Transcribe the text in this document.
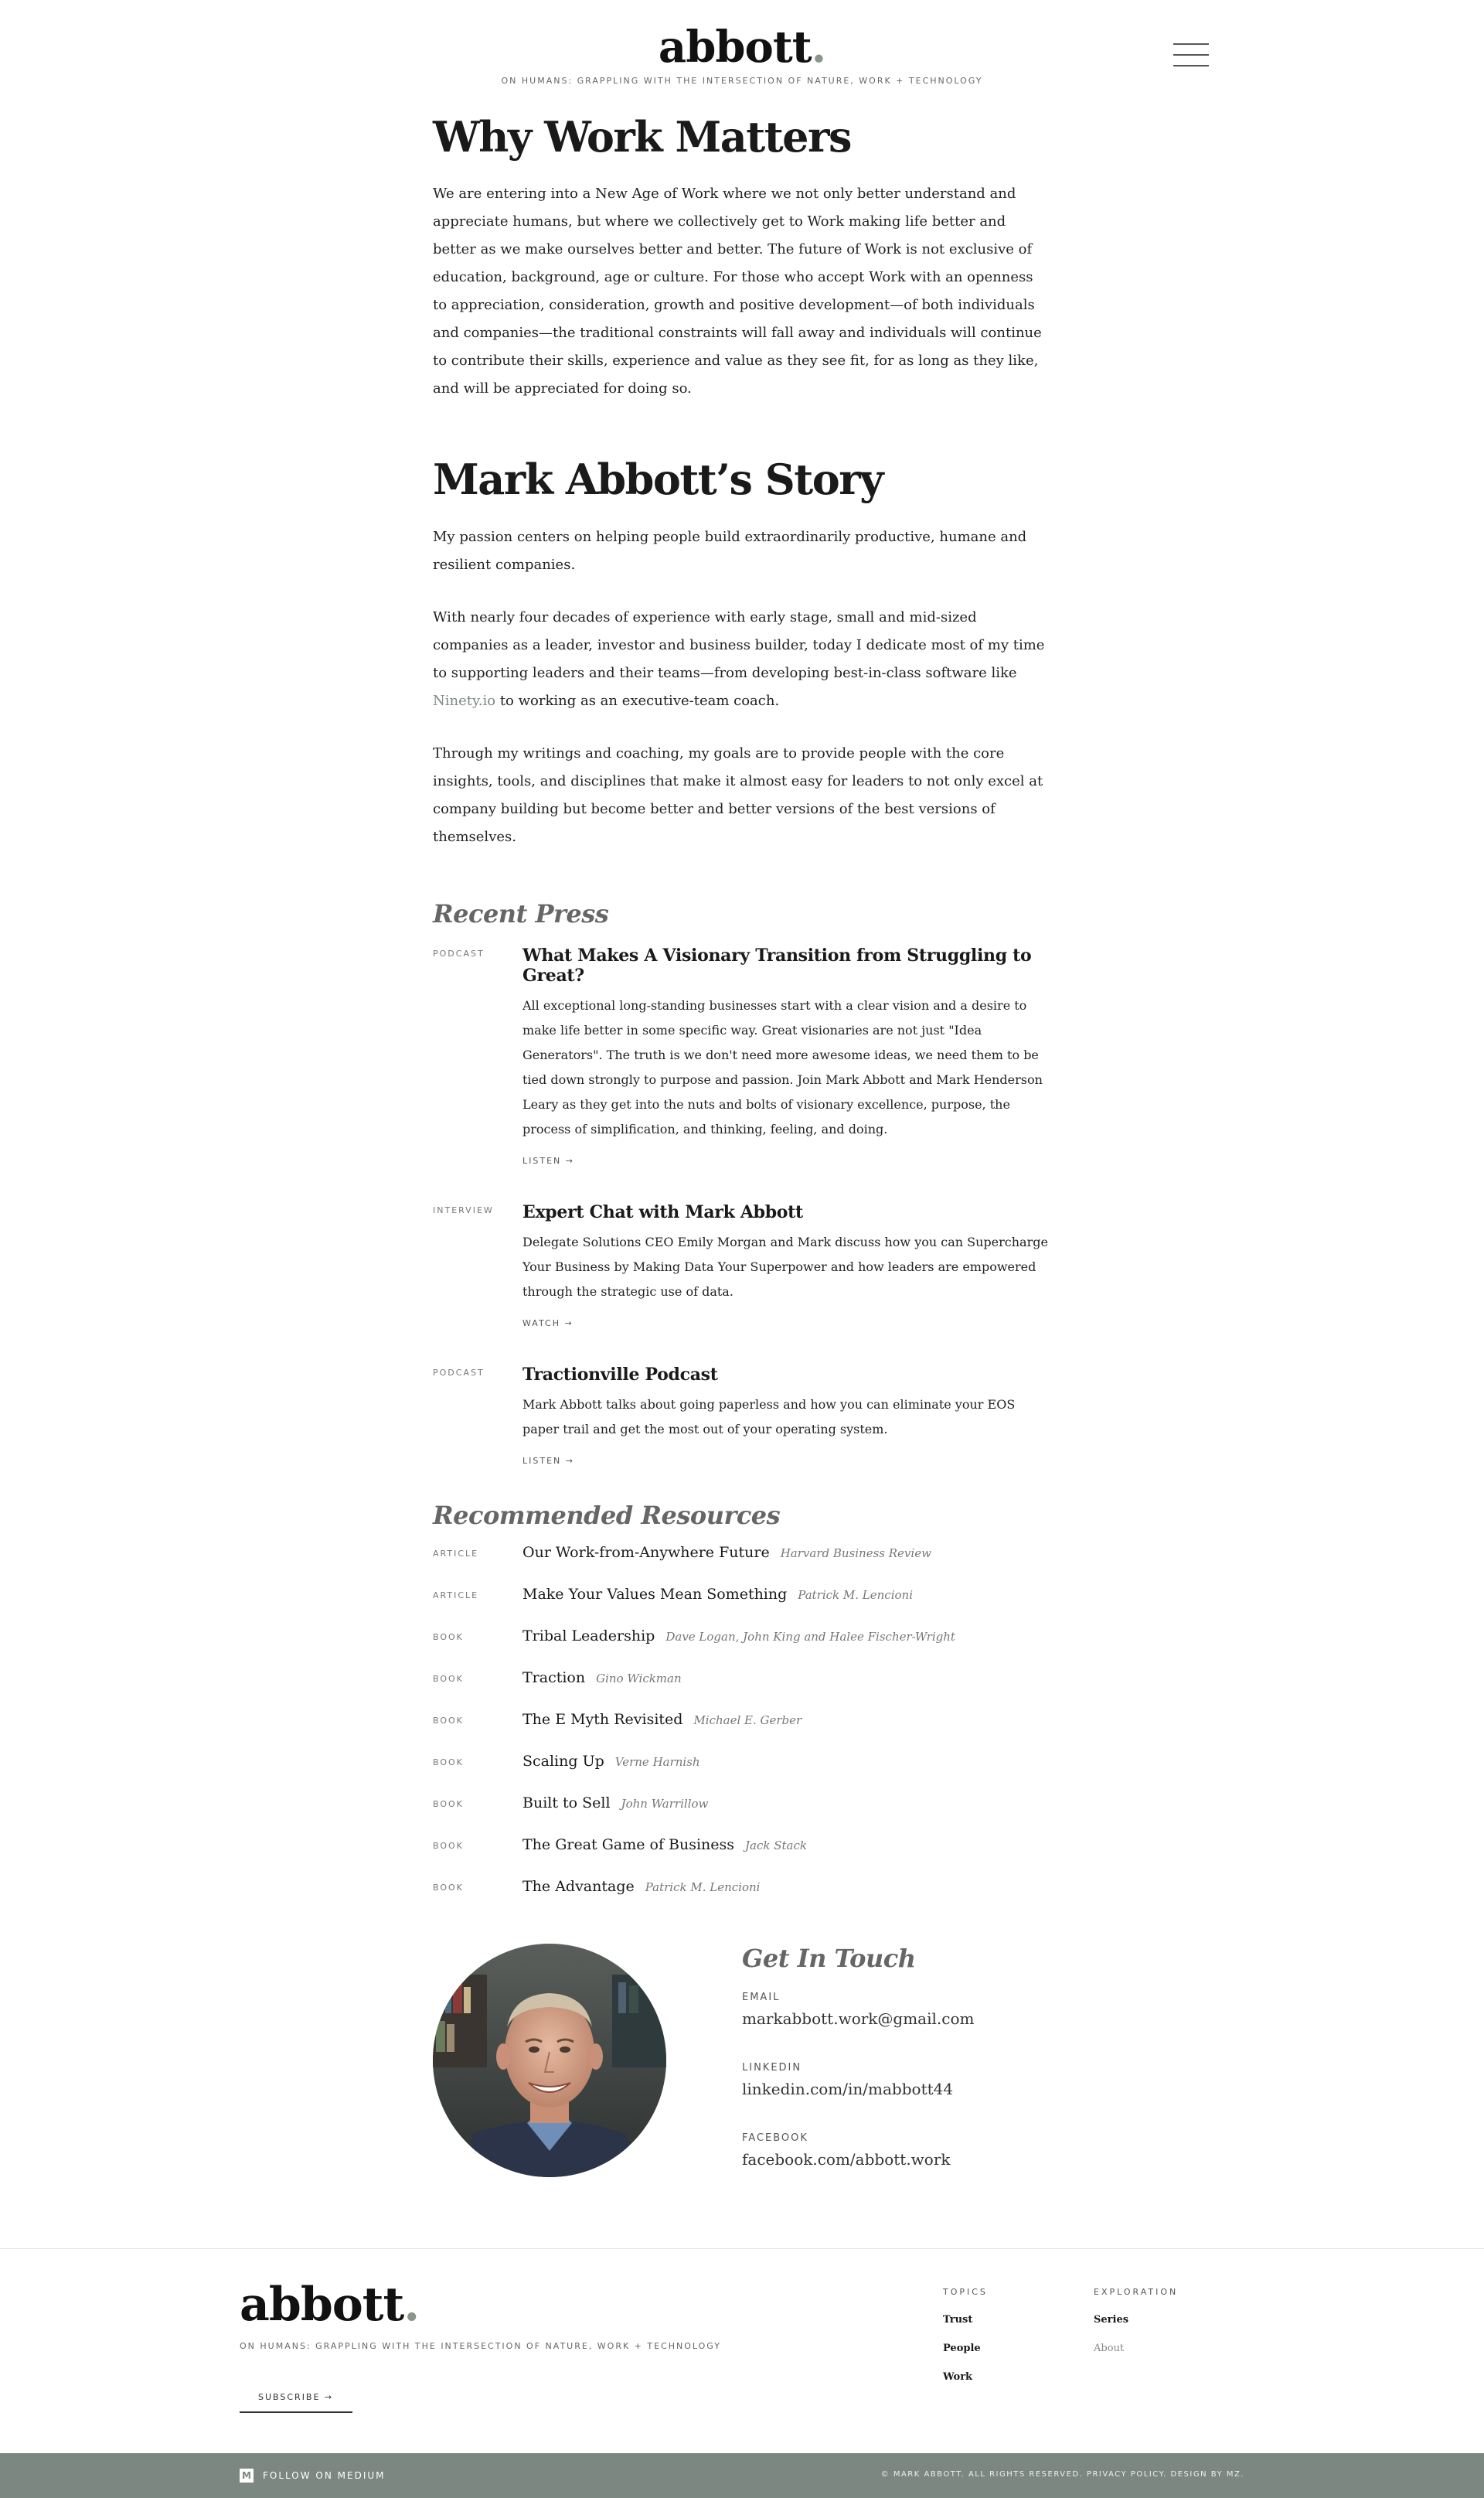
abbott.
ON HUMANS: GRAPPLING WITH THE INTERSECTION OF NATURE, WORK + TECHNOLOGY
Why Work Matters

We are entering into a New Age of Work where we not only better understand and appreciate humans, but where we collectively get to Work making life better and better as we make ourselves better and better. The future of Work is not exclusive of education, background, age or culture. For those who accept Work with an openness to appreciation, consideration, growth and positive development—of both individuals and companies—the traditional constraints will fall away and individuals will continue to contribute their skills, experience and value as they see fit, for as long as they like, and will be appreciated for doing so.

Mark Abbott’s Story

My passion centers on helping people build extraordinarily productive, humane and resilient companies.

With nearly four decades of experience with early stage, small and mid-sized companies as a leader, investor and business builder, today I dedicate most of my time to supporting leaders and their teams—from developing best-in-class software like Ninety.io to working as an executive-team coach.

Through my writings and coaching, my goals are to provide people with the core insights, tools, and disciplines that make it almost easy for leaders to not only excel at company building but become better and better versions of the best versions of themselves.

Recent Press
PODCAST	What Makes A Visionary Transition from Struggling to Great?

All exceptional long-standing businesses start with a clear vision and a desire to make life better in some specific way. Great visionaries are not just "Idea Generators". The truth is we don't need more awesome ideas, we need them to be tied down strongly to purpose and passion. Join Mark Abbott and Mark Henderson Leary as they get into the nuts and bolts of visionary excellence, purpose, the process of simplification, and thinking, feeling, and doing.

LISTEN →
INTERVIEW	Expert Chat with Mark Abbott

Delegate Solutions CEO Emily Morgan and Mark discuss how you can Supercharge Your Business by Making Data Your Superpower and how leaders are empowered through the strategic use of data.

WATCH →
PODCAST	Tractionville Podcast

Mark Abbott talks about going paperless and how you can eliminate your EOS paper trail and get the most out of your operating system.

LISTEN →
Recommended Resources
ARTICLE	Our Work-from-Anywhere Future Harvard Business Review
ARTICLE	Make Your Values Mean Something Patrick M. Lencioni
BOOK	Tribal Leadership Dave Logan, John King and Halee Fischer-Wright
BOOK	Traction Gino Wickman
BOOK	The E Myth Revisited Michael E. Gerber
BOOK	Scaling Up Verne Harnish
BOOK	Built to Sell John Warrillow
BOOK	The Great Game of Business Jack Stack
BOOK	The Advantage Patrick M. Lencioni
Get In Touch
EMAIL
markabbott.work@gmail.com
LINKEDIN
linkedin.com/in/mabbott44
FACEBOOK
facebook.com/abbott.work
abbott.
ON HUMANS: GRAPPLING WITH THE INTERSECTION OF NATURE, WORK + TECHNOLOGY
SUBSCRIBE →
TOPICS
Trust
People
Work
EXPLORATION
Series
About
M FOLLOW ON MEDIUM	© MARK ABBOTT. ALL RIGHTS RESERVED. PRIVACY POLICY. DESIGN BY MZ.
